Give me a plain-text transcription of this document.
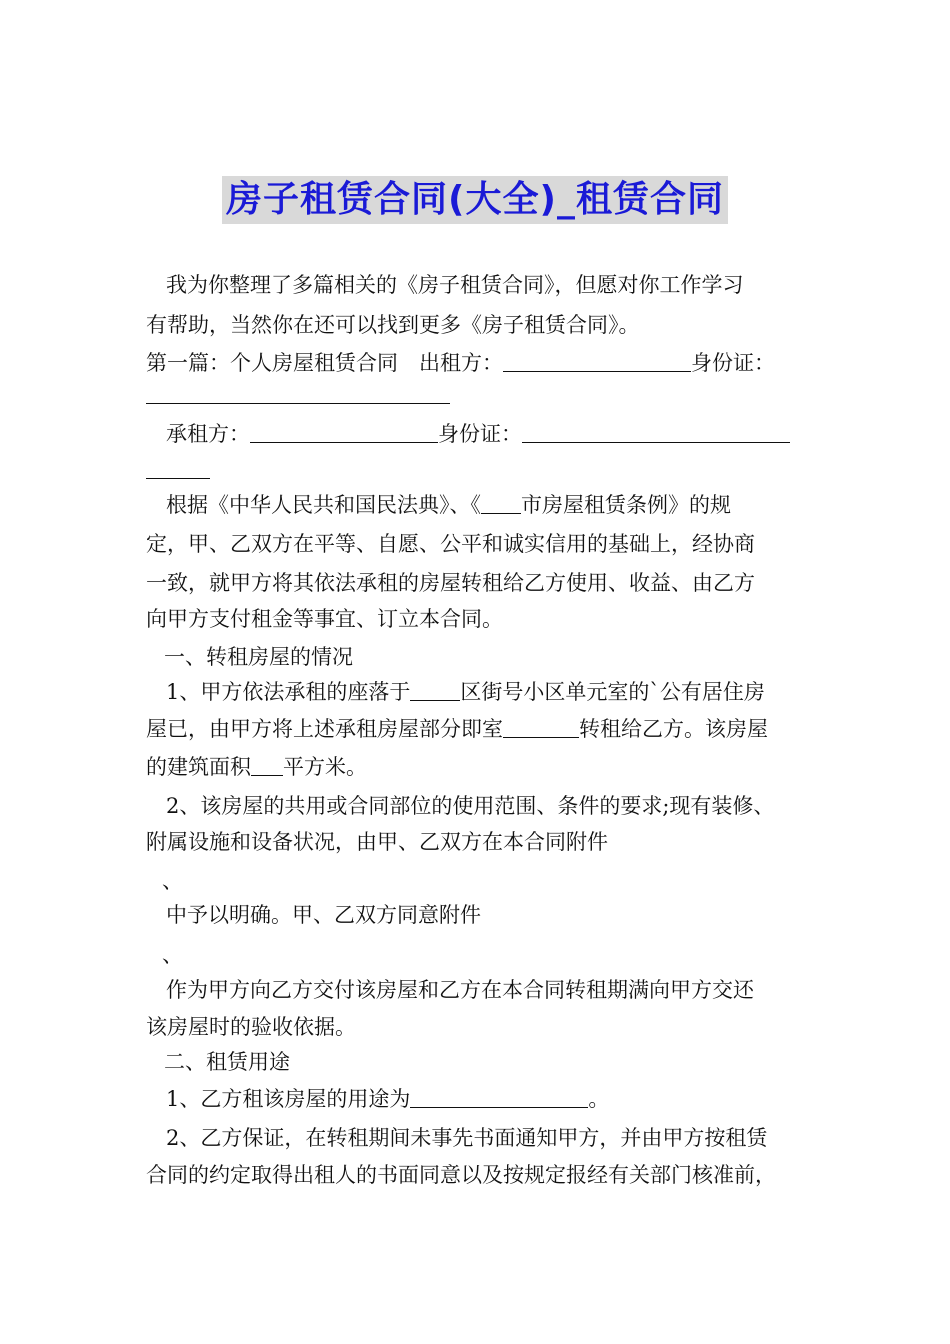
房子租赁合同(大全)_租赁合同
我为你整理了多篇相关的《房子租赁合同》，但愿对你工作学习
有帮助，当然你在还可以找到更多《房子租赁合同》。
第一篇：个人房屋租赁合同　出租方：	身份证：
承租方：	身份证：
根据《中华人民共和国民法典》、《 市房屋租赁条例》的规
定，甲、乙双方在平等、自愿、公平和诚实信用的基础上，经协商
一致，就甲方将其依法承租的房屋转租给乙方使用、收益、由乙方
向甲方支付租金等事宜、订立本合同。
一、转租房屋的情况
1、甲方依法承租的座落于 区街号小区单元室的`公有居住房
屋已，由甲方将上述承租房屋部分即室	转租给乙方。该房屋
的建筑面积 平方米。
2、该房屋的共用或合同部位的使用范围、条件的要求;现有装修、
附属设施和设备状况，由甲、乙双方在本合同附件
、
中予以明确。甲、乙双方同意附件
、
作为甲方向乙方交付该房屋和乙方在本合同转租期满向甲方交还
该房屋时的验收依据。
二、租赁用途
1、乙方租该房屋的用途为	。
2、乙方保证，在转租期间未事先书面通知甲方，并由甲方按租赁
合同的约定取得出租人的书面同意以及按规定报经有关部门核准前，
